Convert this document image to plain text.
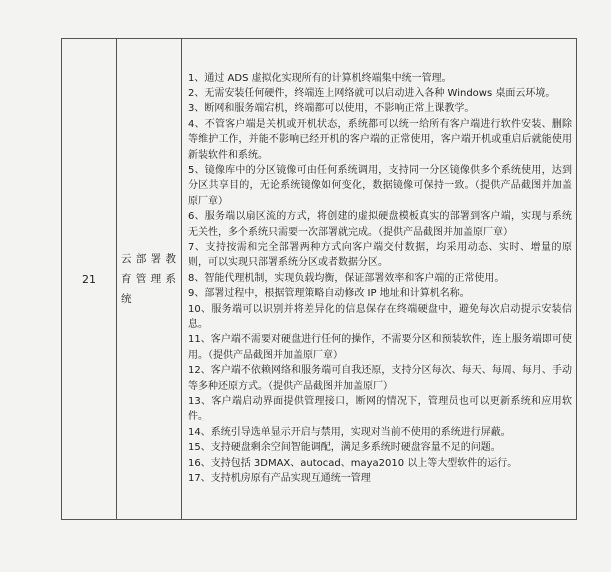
21	云部署教育管理系统	
1、通过 ADS 虚拟化实现所有的计算机终端集中统一管理。
2、无需安装任何硬件，终端连上网络就可以启动进入各种 Windows 桌面云环境。
3、断网和服务端宕机，终端都可以使用，不影响正常上课教学。
4、不管客户端是关机或开机状态，系统都可以统一给所有客户端进行软件安装、删除等维护工作，并能不影响已经开机的客户端的正常使用，客户端开机或重启后就能使用新装软件和系统。
5、镜像库中的分区镜像可由任何系统调用，支持同一分区镜像供多个系统使用，达到分区共享目的，无论系统镜像如何变化，数据镜像可保持一致。（提供产品截图并加盖原厂章）
6、服务端以扇区流的方式，将创建的虚拟硬盘模板真实的部署到客户端，实现与系统无关性，多个系统只需要一次部署就完成。（提供产品截图并加盖原厂章）
7、支持按需和完全部署两种方式向客户端交付数据，均采用动态、实时、增量的原则，可以实现只部署系统分区或者数据分区。
8、智能代理机制，实现负载均衡，保证部署效率和客户端的正常使用。
9、部署过程中，根据管理策略自动修改 IP 地址和计算机名称。
10、服务端可以识别并将差异化的信息保存在终端硬盘中，避免每次启动提示安装信息。
11、客户端不需要对硬盘进行任何的操作，不需要分区和预装软件，连上服务端即可使用。（提供产品截图并加盖原厂章）
12、客户端不依赖网络和服务端可自我还原，支持分区每次、每天、每周、每月、手动等多种还原方式。（提供产品截图并加盖原厂）
13、客户端启动界面提供管理接口，断网的情况下，管理员也可以更新系统和应用软件。
14、系统引导选单显示开启与禁用，实现对当前不使用的系统进行屏蔽。
15、支持硬盘剩余空间智能调配，满足多系统时硬盘容量不足的问题。
16、支持包括 3DMAX、autocad、maya2010 以上等大型软件的运行。
17、支持机房原有产品实现互通统一管理
